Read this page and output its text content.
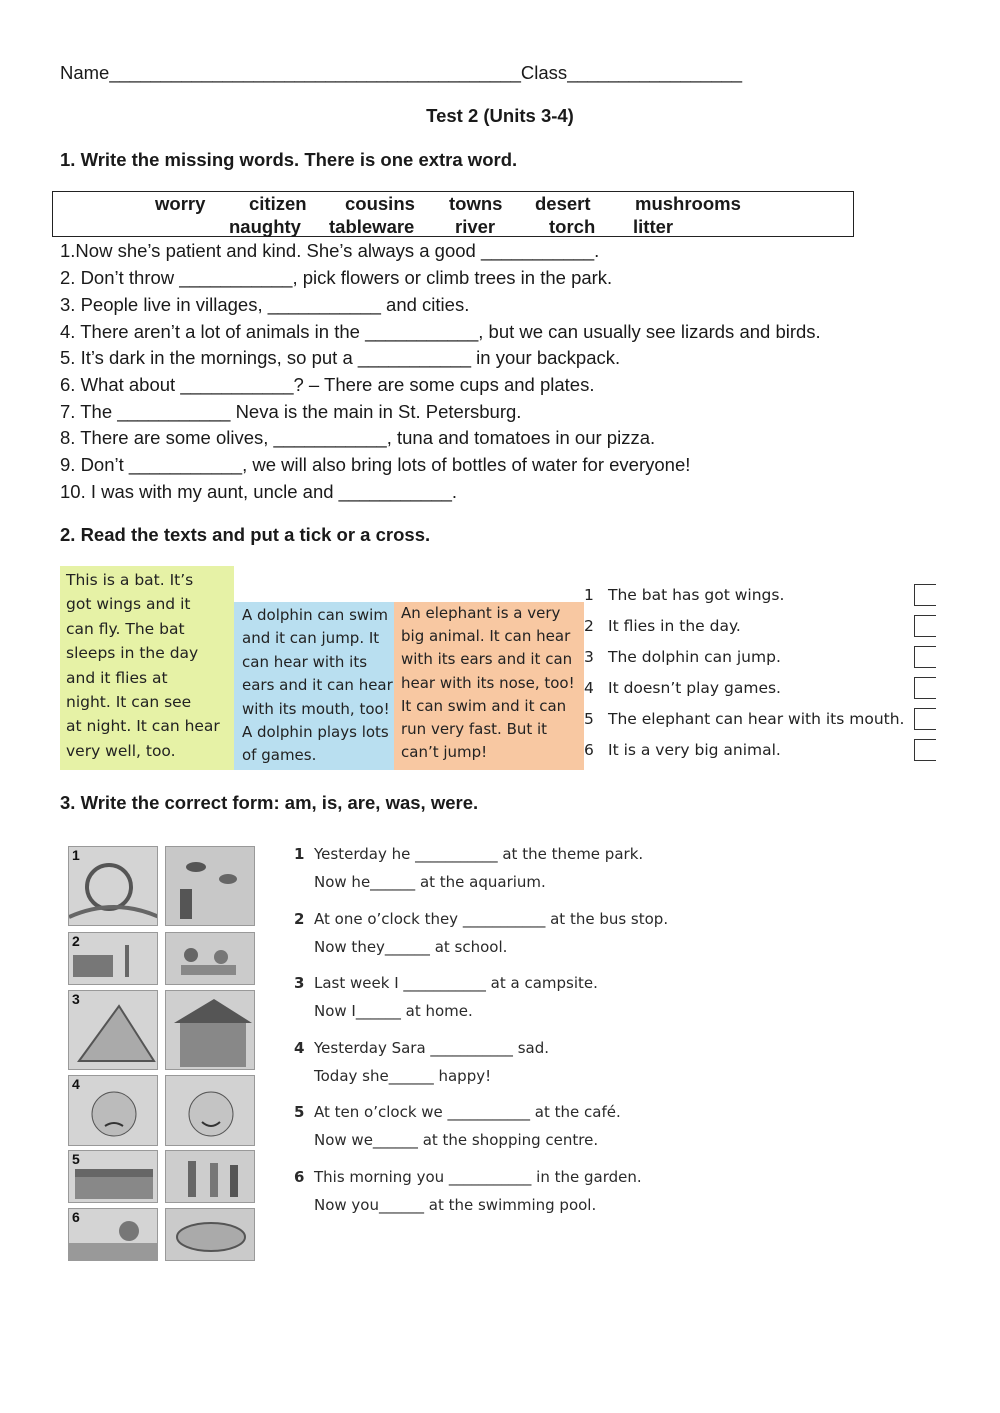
Name________________________________________Class_________________
Test 2 (Units 3-4)
1. Write the missing words. There is one extra word.
worry citizen cousins towns desert mushrooms
naughty tableware river	torch litter
1.Now she’s patient and kind. She’s always a good ___________.
2. Don’t throw ___________, pick flowers or climb trees in the park.
3. People live in villages, ___________ and cities.
4. There aren’t a lot of animals in the ___________, but we can usually see lizards and birds.
5. It’s dark in the mornings, so put a ___________ in your backpack.
6. What about ___________? – There are some cups and plates.
7. The ___________ Neva is the main in St. Petersburg.
8. There are some olives, ___________, tuna and tomatoes in our pizza.
9. Don’t ___________, we will also bring lots of bottles of water for everyone!
10. I was with my aunt, uncle and ___________.
2. Read the texts and put a tick or a cross.
This is a bat. It’s
got wings and it
can fly. The bat
sleeps in the day
and it flies at
night. It can see
at night. It can hear
very well, too.
A dolphin can swim
and it can jump. It
can hear with its
ears and it can hear
with its mouth, too!
A dolphin plays lots
of games.
An elephant is a very
big animal. It can hear
with its ears and it can
hear with its nose, too!
It can swim and it can
run very fast. But it
can’t jump!
1 The bat has got wings.
2 It flies in the day.
3 The dolphin can jump.
4 It doesn’t play games.
5 The elephant can hear with its mouth.
6 It is a very big animal.
3. Write the correct form: am, is, are, was, were.
1
2
3
4
5
6
1 Yesterday he ___________ at the theme park.
Now he______ at the aquarium.
2 At one o’clock they ___________ at the bus stop.
Now they______ at school.
3 Last week I ___________ at a campsite.
Now I______ at home.
4 Yesterday Sara ___________ sad.
Today she______ happy!
5 At ten o’clock we ___________ at the café.
Now we______ at the shopping centre.
6 This morning you ___________ in the garden.
Now you______ at the swimming pool.
